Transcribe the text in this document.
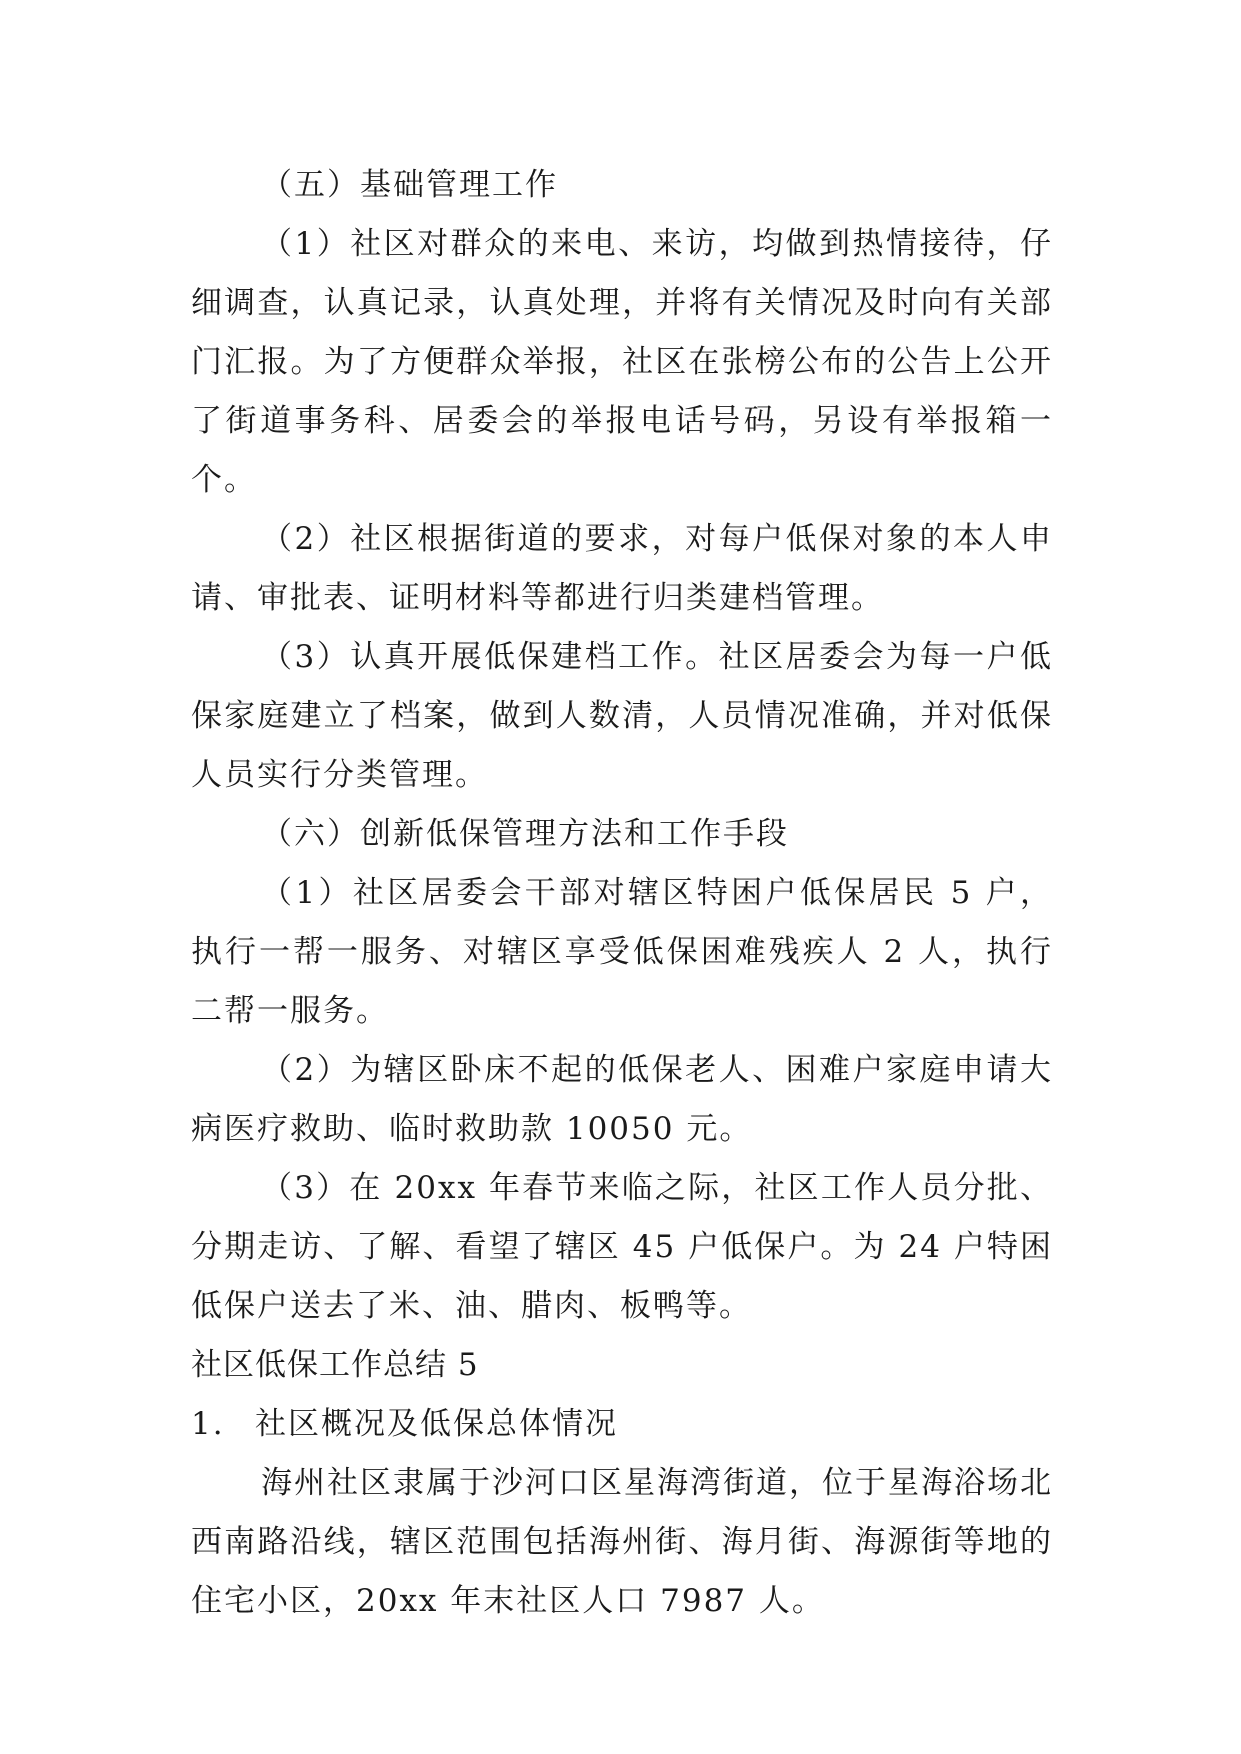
（五）基础管理工作

（1）社区对群众的来电、来访，均做到热情接待，仔细调查，认真记录，认真处理，并将有关情况及时向有关部门汇报。为了方便群众举报，社区在张榜公布的公告上公开了街道事务科、居委会的举报电话号码，另设有举报箱一个。

（2）社区根据街道的要求，对每户低保对象的本人申请、审批表、证明材料等都进行归类建档管理。

（3）认真开展低保建档工作。社区居委会为每一户低保家庭建立了档案，做到人数清，人员情况准确，并对低保人员实行分类管理。

（六）创新低保管理方法和工作手段

（1）社区居委会干部对辖区特困户低保居民 5 户，执行一帮一服务、对辖区享受低保困难残疾人 2 人，执行二帮一服务。

（2）为辖区卧床不起的低保老人、困难户家庭申请大病医疗救助、临时救助款 10050 元。

（3）在 20xx 年春节来临之际，社区工作人员分批、分期走访、了解、看望了辖区 45 户低保户。为 24 户特困低保户送去了米、油、腊肉、板鸭等。

社区低保工作总结 5

1. 社区概况及低保总体情况

海州社区隶属于沙河口区星海湾街道，位于星海浴场北西南路沿线，辖区范围包括海州街、海月街、海源街等地的住宅小区，20xx 年末社区人口 7987 人。
